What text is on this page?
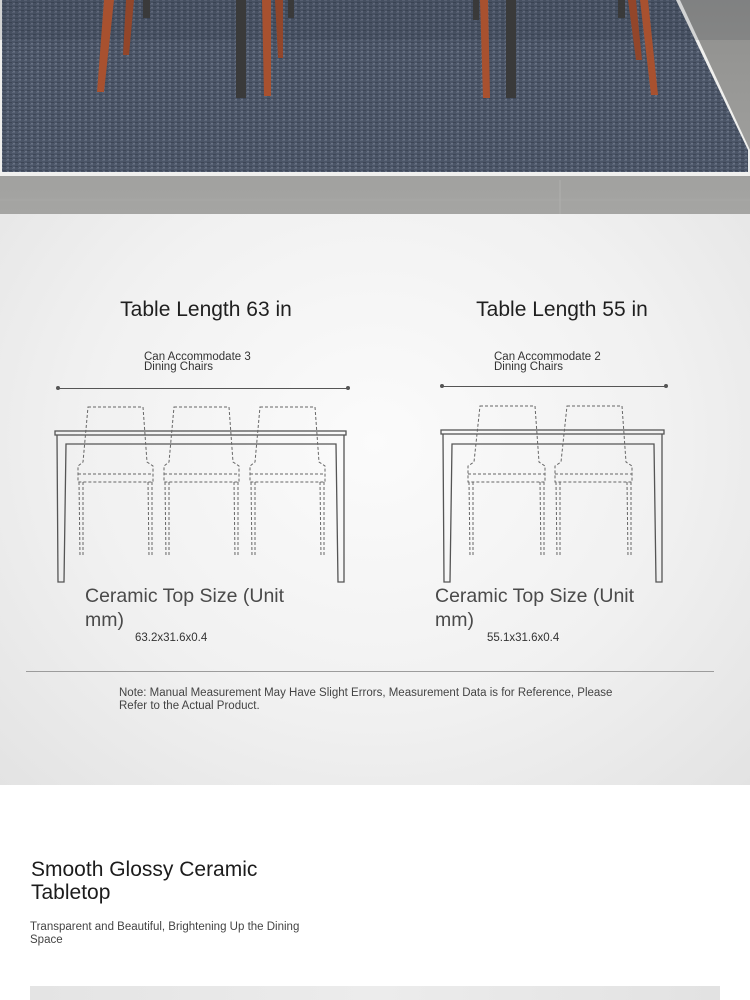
Table Length 63 in
Can Accommodate 3 Dining Chairs
Ceramic Top Size (Unit mm)
63.2x31.6x0.4
Table Length 55 in
Can Accommodate 2 Dining Chairs
Ceramic Top Size (Unit mm)
55.1x31.6x0.4
Note: Manual Measurement May Have Slight Errors, Measurement Data is for Reference, Please Refer to the Actual Product.
Smooth Glossy Ceramic Tabletop
Transparent and Beautiful, Brightening Up the Dining Space
